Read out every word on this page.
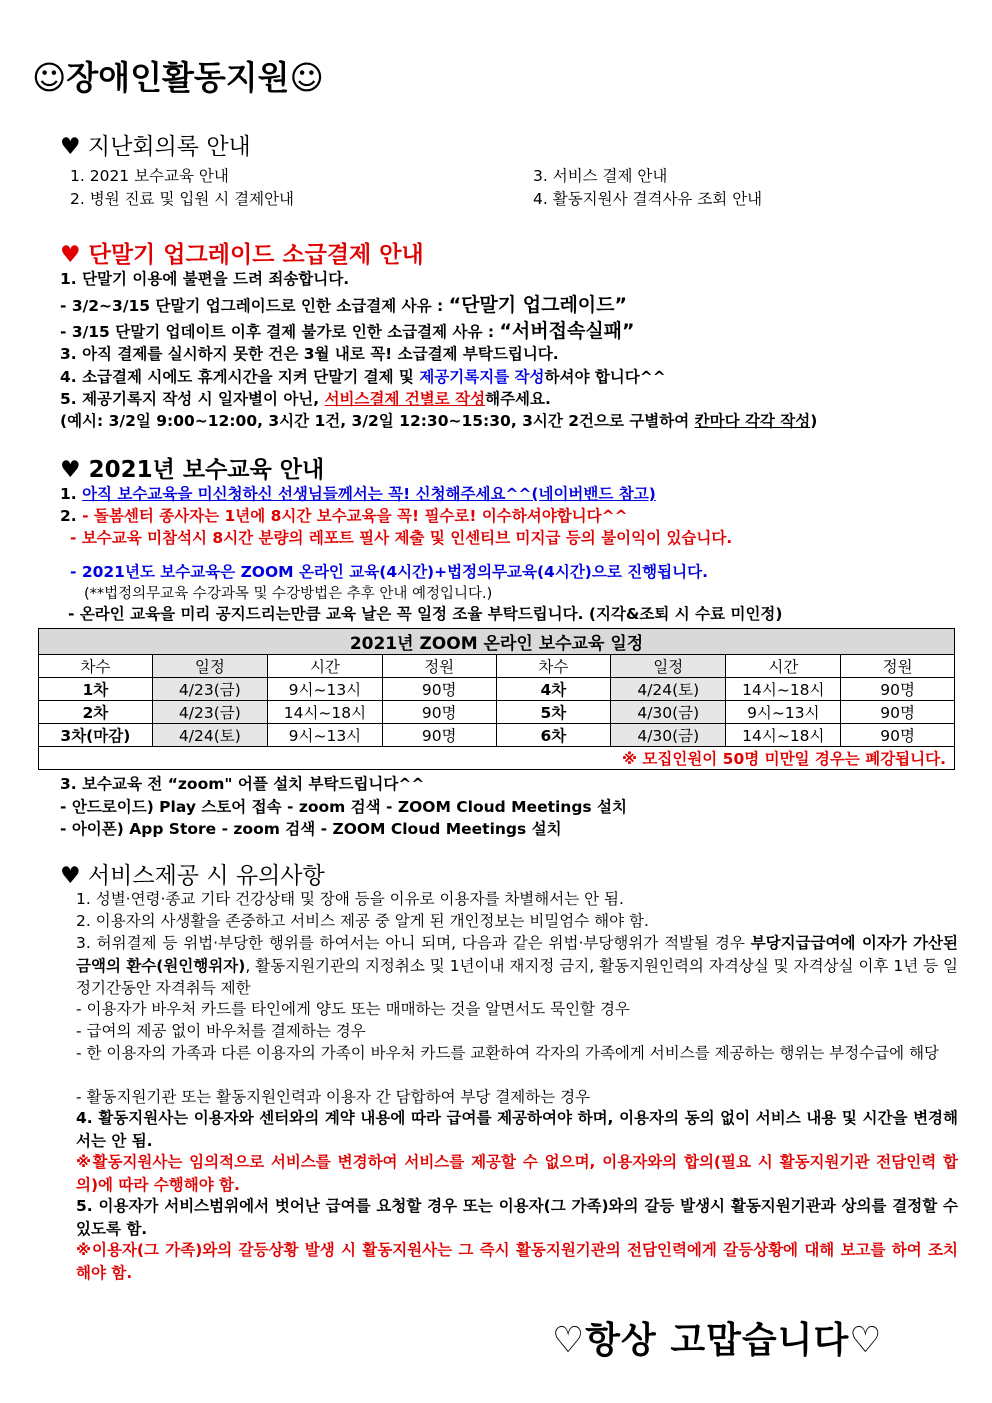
☺장애인활동지원☺
♥ 지난회의록 안내
1. 2021 보수교육 안내
2. 병원 진료 및 입원 시 결제안내
3. 서비스 결제 안내
4. 활동지원사 결격사유 조회 안내
♥ 단말기 업그레이드 소급결제 안내
1. 단말기 이용에 불편을 드려 죄송합니다.
- 3/2~3/15 단말기 업그레이드로 인한 소급결제 사유 : “단말기 업그레이드”
- 3/15 단말기 업데이트 이후 결제 불가로 인한 소급결제 사유 : “서버접속실패”
3. 아직 결제를 실시하지 못한 건은 3월 내로 꼭! 소급결제 부탁드립니다.
4. 소급결제 시에도 휴게시간을 지켜 단말기 결제 및 제공기록지를 작성하셔야 합니다^^
5. 제공기록지 작성 시 일자별이 아닌, 서비스결제 건별로 작성해주세요.
(예시: 3/2일 9:00~12:00, 3시간 1건, 3/2일 12:30~15:30, 3시간 2건으로 구별하여 칸마다 각각 작성)
♥ 2021년 보수교육 안내
1. 아직 보수교육을 미신청하신 선생님들께서는 꼭! 신청해주세요^^(네이버밴드 참고)
2. - 돌봄센터 종사자는 1년에 8시간 보수교육을 꼭! 필수로! 이수하셔야합니다^^
- 보수교육 미참석시 8시간 분량의 레포트 필사 제출 및 인센티브 미지급 등의 불이익이 있습니다.
- 2021년도 보수교육은 ZOOM 온라인 교육(4시간)+법정의무교육(4시간)으로 진행됩니다.
(**법정의무교육 수강과목 및 수강방법은 추후 안내 예정입니다.)
- 온라인 교육을 미리 공지드리는만큼 교육 날은 꼭 일정 조율 부탁드립니다. (지각&조퇴 시 수료 미인정)
2021년 ZOOM 온라인 보수교육 일정							
차수	일정	시간	정원	차수	일정	시간	정원
1차	4/23(금)	9시~13시	90명	4차	4/24(토)	14시~18시	90명
2차	4/23(금)	14시~18시	90명	5차	4/30(금)	9시~13시	90명
3차(마감)	4/24(토)	9시~13시	90명	6차	4/30(금)	14시~18시	90명
※ 모집인원이 50명 미만일 경우는 폐강됩니다.							
3. 보수교육 전 “zoom" 어플 설치 부탁드립니다^^
- 안드로이드) Play 스토어 접속 - zoom 검색 - ZOOM Cloud Meetings 설치
- 아이폰) App Store - zoom 검색 - ZOOM Cloud Meetings 설치
♥ 서비스제공 시 유의사항
1. 성별·연령·종교 기타 건강상태 및 장애 등을 이유로 이용자를 차별해서는 안 됨.
2. 이용자의 사생활을 존중하고 서비스 제공 중 알게 된 개인정보는 비밀엄수 해야 함.
3. 허위결제 등 위법·부당한 행위를 하여서는 아니 되며, 다음과 같은 위법·부당행위가 적발될 경우 부당지급급여에 이자가 가산된 금액의 환수(원인행위자), 활동지원기관의 지정취소 및 1년이내 재지정 금지, 활동지원인력의 자격상실 및 자격상실 이후 1년 등 일정기간동안 자격취득 제한
- 이용자가 바우처 카드를 타인에게 양도 또는 매매하는 것을 알면서도 묵인할 경우
- 급여의 제공 없이 바우처를 결제하는 경우
- 한 이용자의 가족과 다른 이용자의 가족이 바우처 카드를 교환하여 각자의 가족에게 서비스를 제공하는 행위는 부정수급에 해당
- 활동지원기관 또는 활동지원인력과 이용자 간 담합하여 부당 결제하는 경우
4. 활동지원사는 이용자와 센터와의 계약 내용에 따라 급여를 제공하여야 하며, 이용자의 동의 없이 서비스 내용 및 시간을 변경해서는 안 됨.
※활동지원사는 임의적으로 서비스를 변경하여 서비스를 제공할 수 없으며, 이용자와의 합의(필요 시 활동지원기관 전담인력 합의)에 따라 수행해야 함.
5. 이용자가 서비스범위에서 벗어난 급여를 요청할 경우 또는 이용자(그 가족)와의 갈등 발생시 활동지원기관과 상의를 결정할 수 있도록 함.
※이용자(그 가족)와의 갈등상황 발생 시 활동지원사는 그 즉시 활동지원기관의 전담인력에게 갈등상황에 대해 보고를 하여 조치해야 함.
♡항상 고맙습니다♡
